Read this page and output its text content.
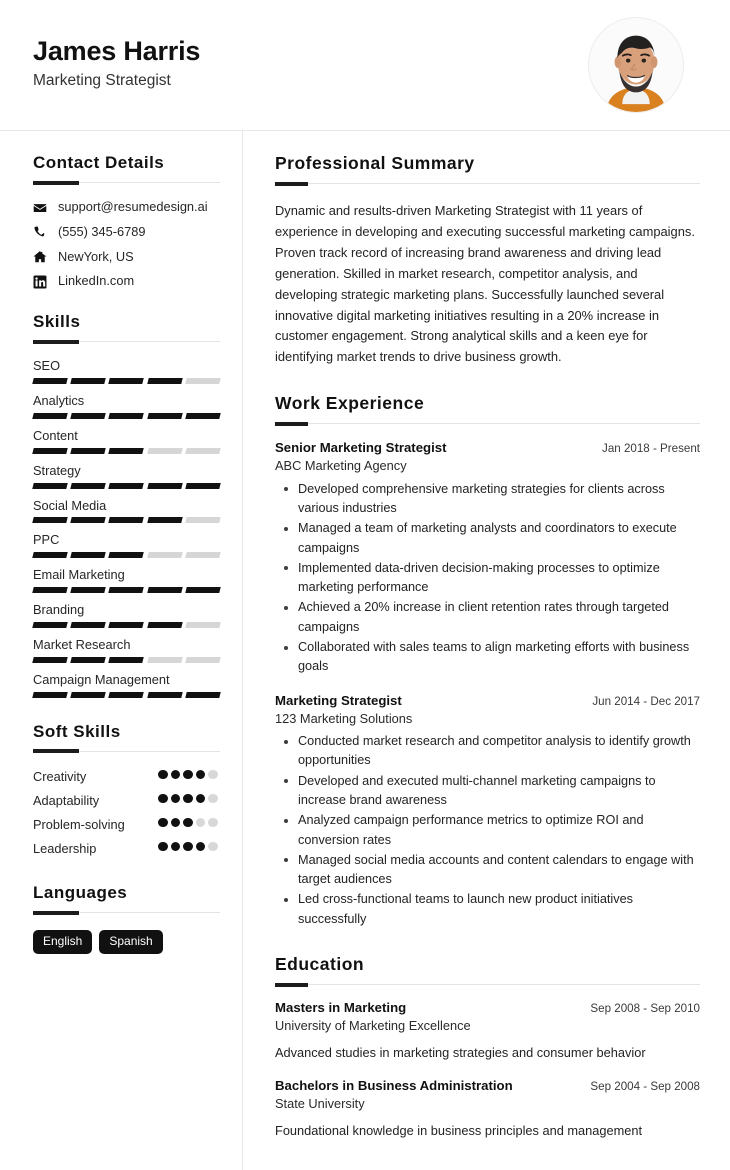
James Harris
Marketing Strategist
Contact Details
support@resumedesign.ai
(555) 345-6789
NewYork, US
LinkedIn.com
Skills
SEO
Analytics
Content
Strategy
Social Media
PPC
Email Marketing
Branding
Market Research
Campaign Management
Soft Skills
Creativity
Adaptability
Problem-solving
Leadership
Languages
English	Spanish
Professional Summary
Dynamic and results-driven Marketing Strategist with 11 years of experience in developing and executing successful marketing campaigns. Proven track record of increasing brand awareness and driving lead generation. Skilled in market research, competitor analysis, and developing strategic marketing plans. Successfully launched several innovative digital marketing initiatives resulting in a 20% increase in customer engagement. Strong analytical skills and a keen eye for identifying market trends to drive business growth.
Work Experience
Senior Marketing Strategist	Jan 2018 - Present
ABC Marketing Agency
Developed comprehensive marketing strategies for clients across various industries
Managed a team of marketing analysts and coordinators to execute campaigns
Implemented data-driven decision-making processes to optimize marketing performance
Achieved a 20% increase in client retention rates through targeted campaigns
Collaborated with sales teams to align marketing efforts with business goals
Marketing Strategist	Jun 2014 - Dec 2017
123 Marketing Solutions
Conducted market research and competitor analysis to identify growth opportunities
Developed and executed multi-channel marketing campaigns to increase brand awareness
Analyzed campaign performance metrics to optimize ROI and conversion rates
Managed social media accounts and content calendars to engage with target audiences
Led cross-functional teams to launch new product initiatives successfully
Education
Masters in Marketing	Sep 2008 - Sep 2010
University of Marketing Excellence
Advanced studies in marketing strategies and consumer behavior
Bachelors in Business Administration	Sep 2004 - Sep 2008
State University
Foundational knowledge in business principles and management
